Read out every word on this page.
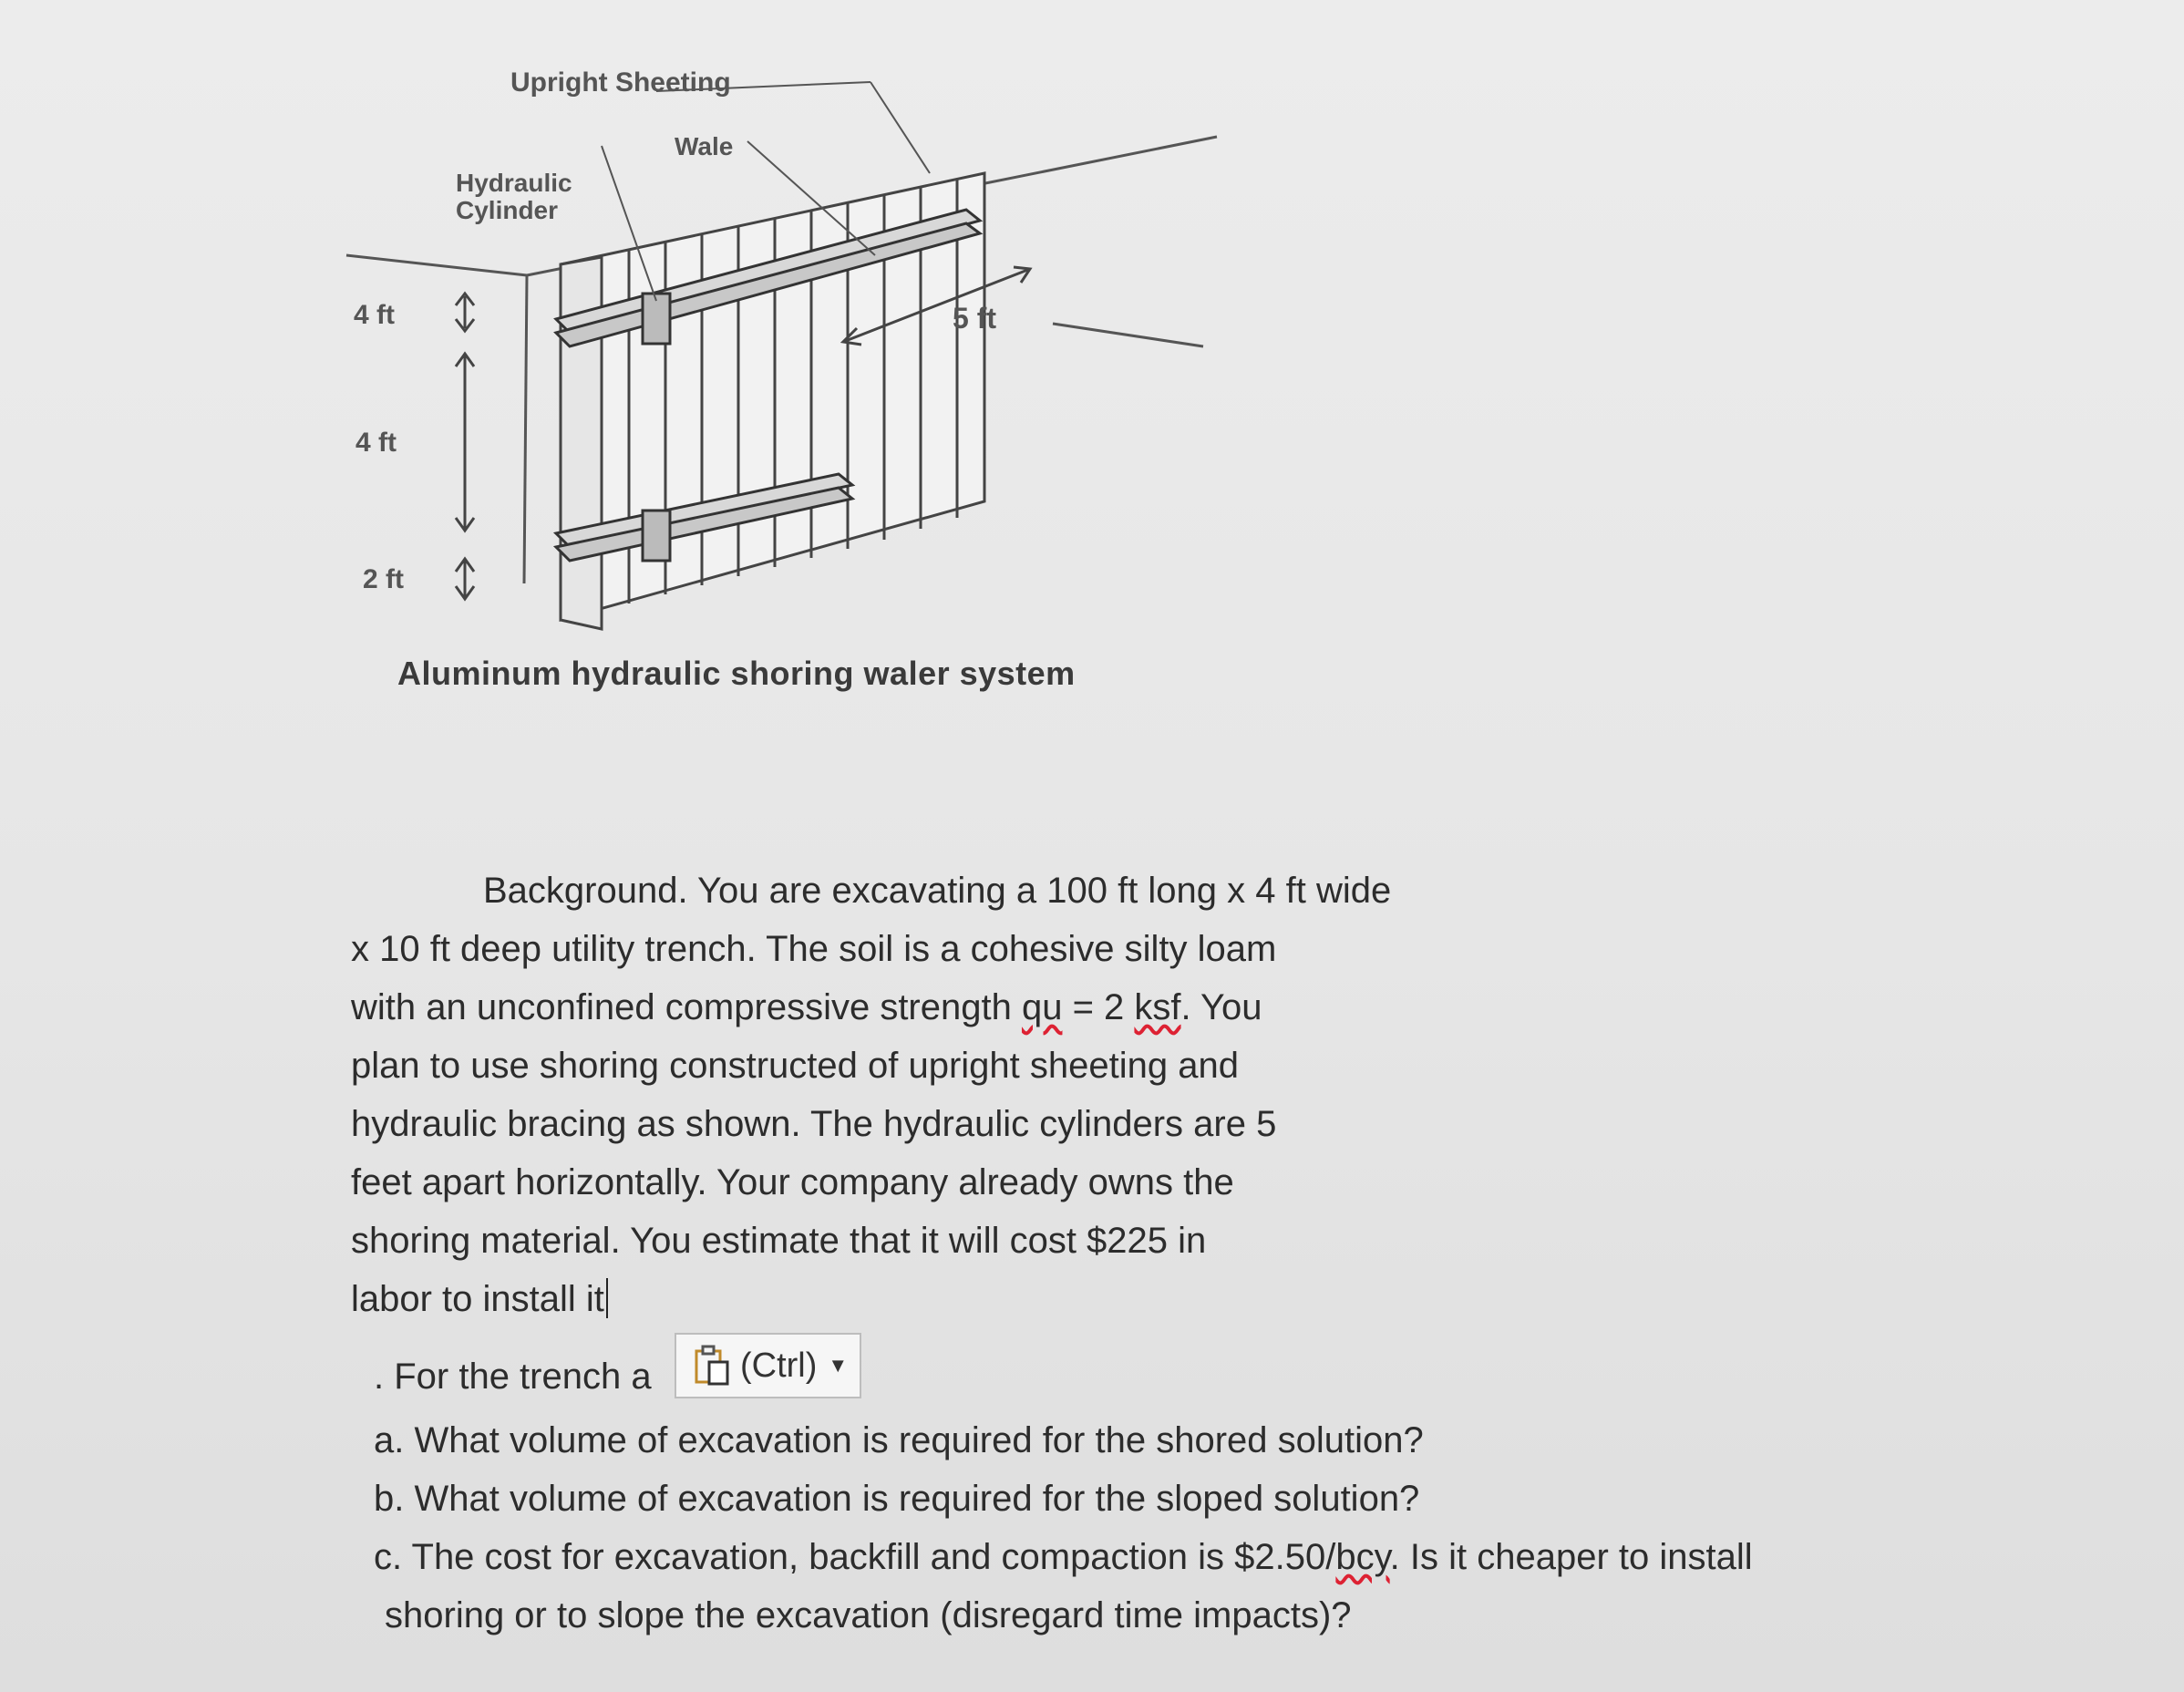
Upright Sheeting
Wale
Hydraulic
Cylinder
4 ft
4 ft
2 ft
5 ft
Aluminum hydraulic shoring waler system
Background. You are excavating a 100 ft long x 4 ft wide
x 10 ft deep utility trench. The soil is a cohesive silty loam
with an unconfined compressive strength qu = 2 ksf. You
plan to use shoring constructed of upright sheeting and
hydraulic bracing as shown. The hydraulic cylinders are 5
feet apart horizontally. Your company already owns the
shoring material. You estimate that it will cost $225 in
labor to install it
. For the trench a	(Ctrl) ▼
a. What volume of excavation is required for the shored solution?
b. What volume of excavation is required for the sloped solution?
c. The cost for excavation, backfill and compaction is $2.50/bcy. Is it cheaper to install
shoring or to slope the excavation (disregard time impacts)?
